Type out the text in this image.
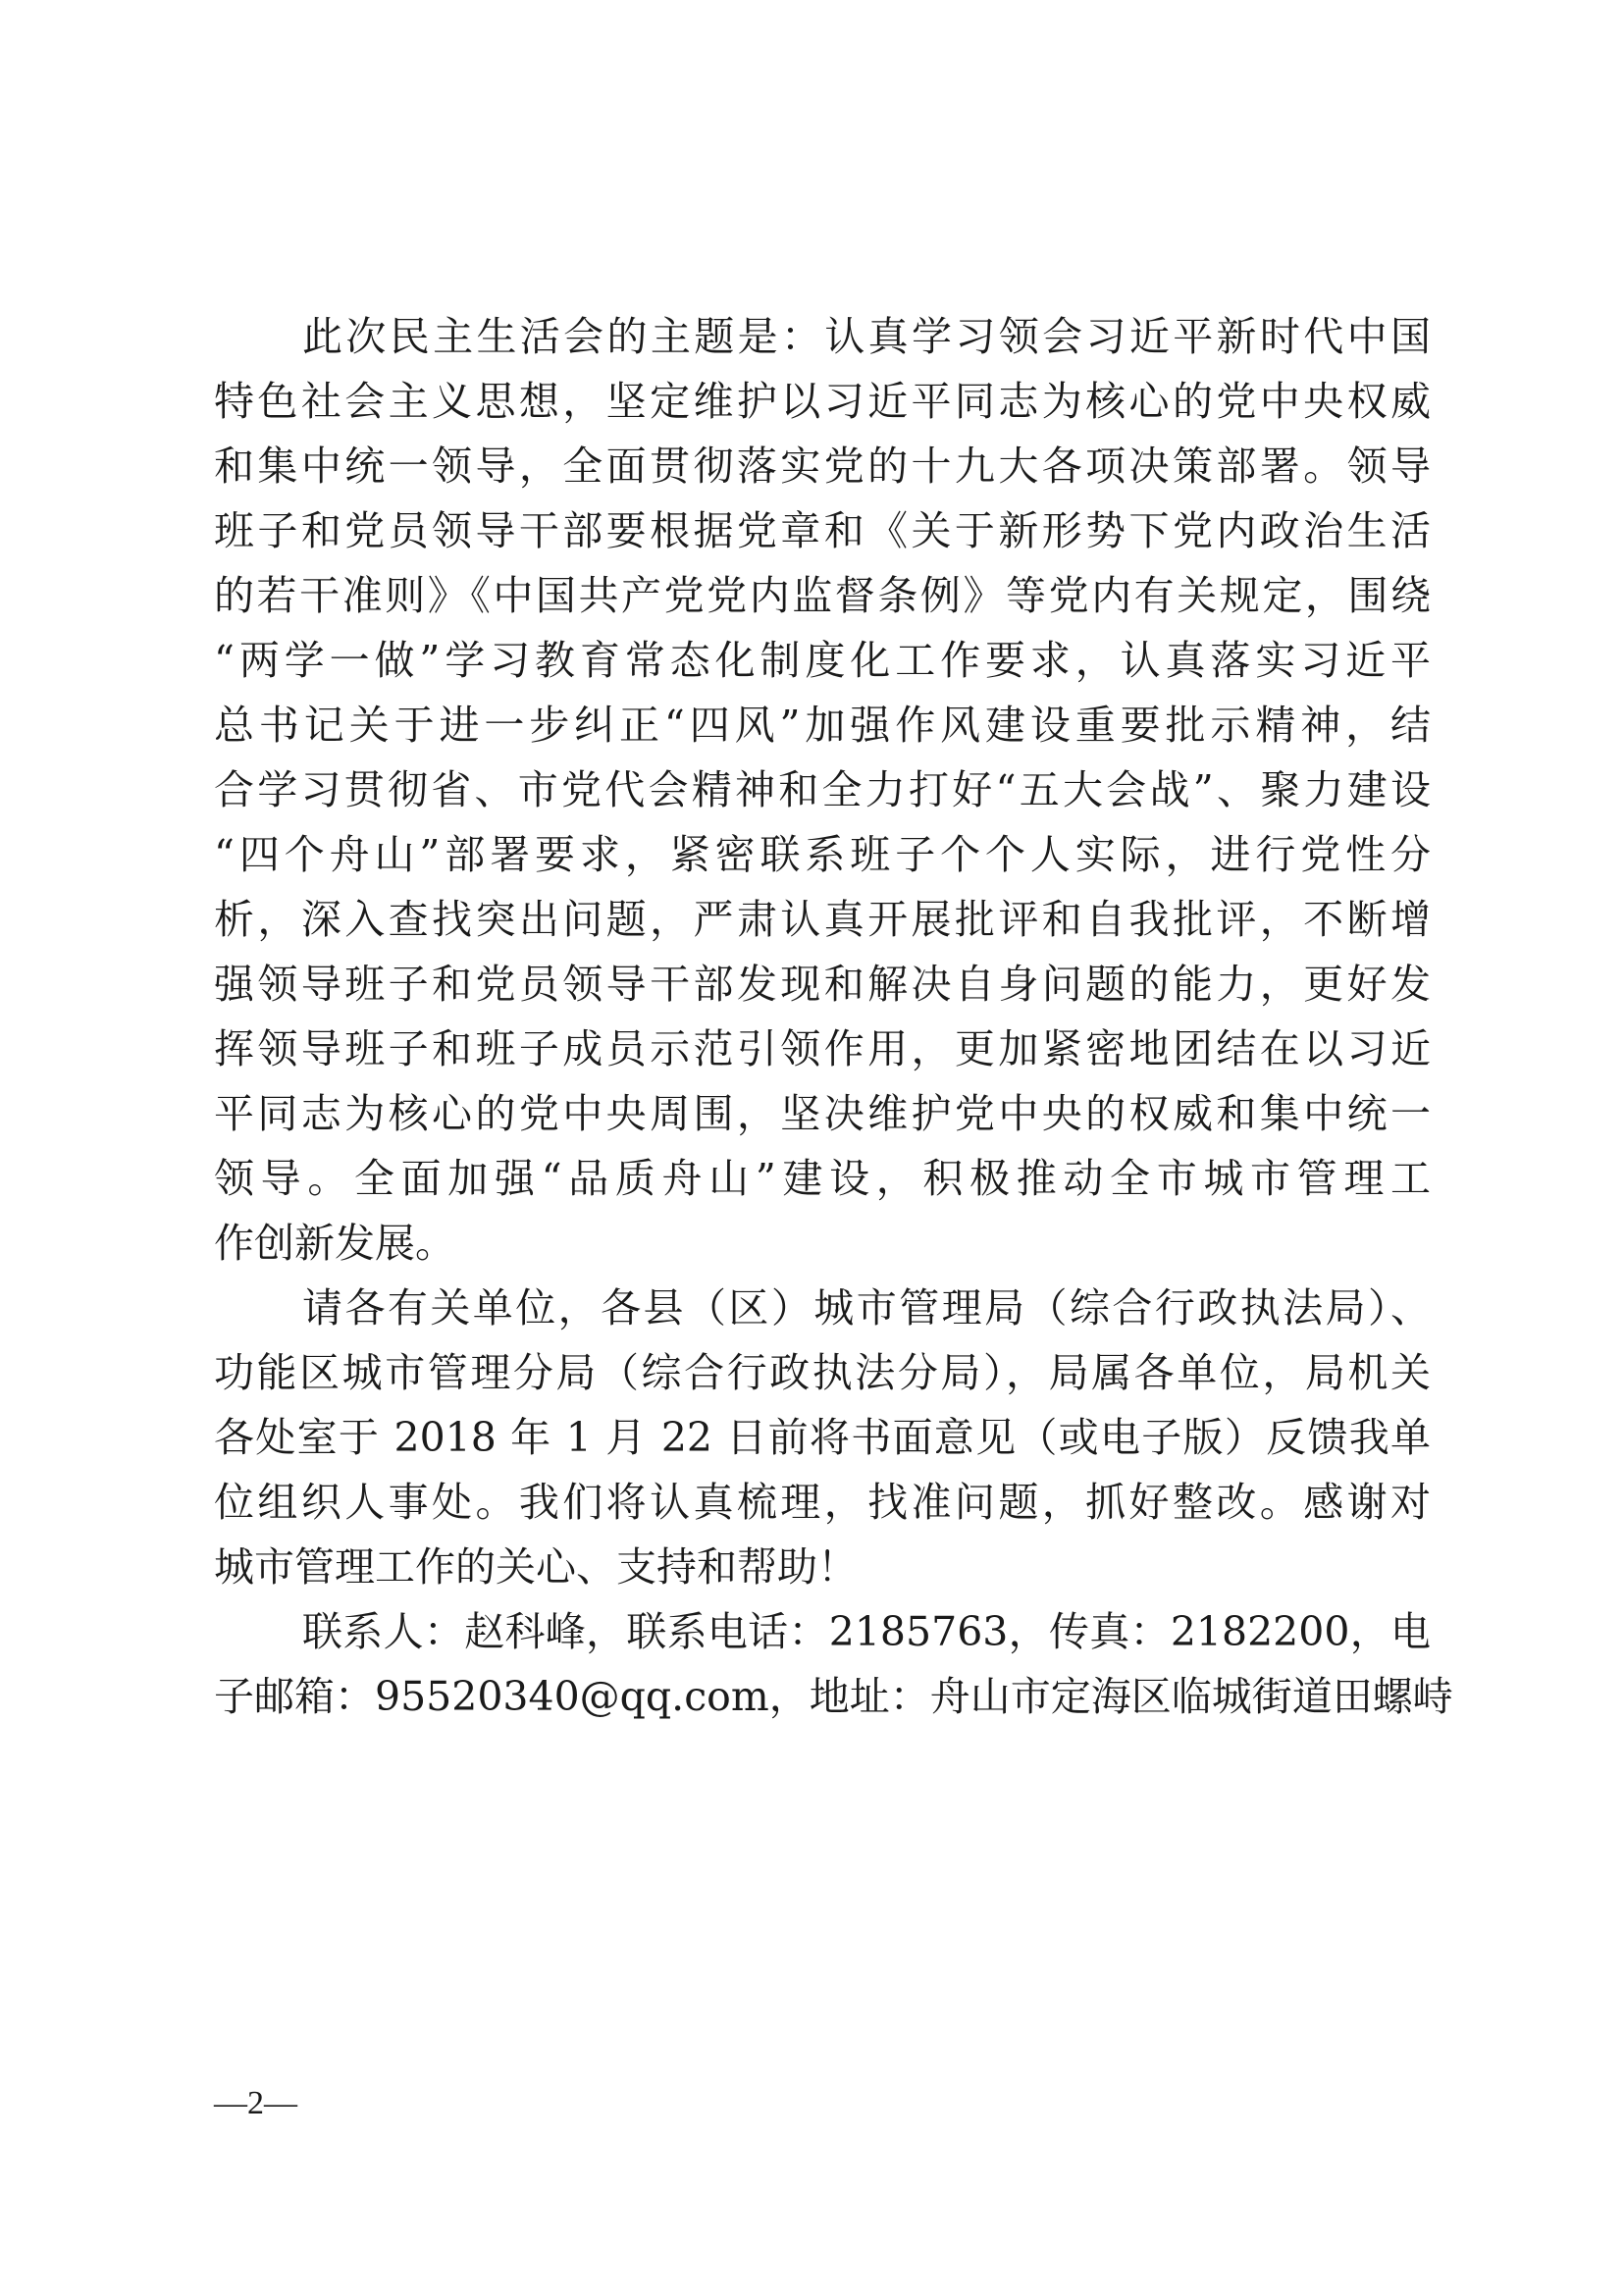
此次民主生活会的主题是：认真学习领会习近平新时代中国

特色社会主义思想，坚定维护以习近平同志为核心的党中央权威

和集中统一领导，全面贯彻落实党的十九大各项决策部署。领导

班子和党员领导干部要根据党章和《关于新形势下党内政治生活

的若干准则》《中国共产党党内监督条例》等党内有关规定，围绕

“两学一做”学习教育常态化制度化工作要求，认真落实习近平

总书记关于进一步纠正“四风”加强作风建设重要批示精神，结

合学习贯彻省、市党代会精神和全力打好“五大会战”、聚力建设

“四个舟山”部署要求，紧密联系班子个个人实际，进行党性分

析，深入查找突出问题，严肃认真开展批评和自我批评，不断增

强领导班子和党员领导干部发现和解决自身问题的能力，更好发

挥领导班子和班子成员示范引领作用，更加紧密地团结在以习近

平同志为核心的党中央周围，坚决维护党中央的权威和集中统一

领导。全面加强“品质舟山”建设，积极推动全市城市管理工

作创新发展。

请各有关单位，各县（区）城市管理局（综合行政执法局）、

功能区城市管理分局（综合行政执法分局），局属各单位，局机关

各处室于 2018 年 1 月 22 日前将书面意见（或电子版）反馈我单

位组织人事处。我们将认真梳理，找准问题，抓好整改。感谢对

城市管理工作的关心、支持和帮助！

联系人：赵科峰，联系电话：2185763，传真：2182200，电

子邮箱：95520340@qq.com，地址：舟山市定海区临城街道田螺峙

—2—
